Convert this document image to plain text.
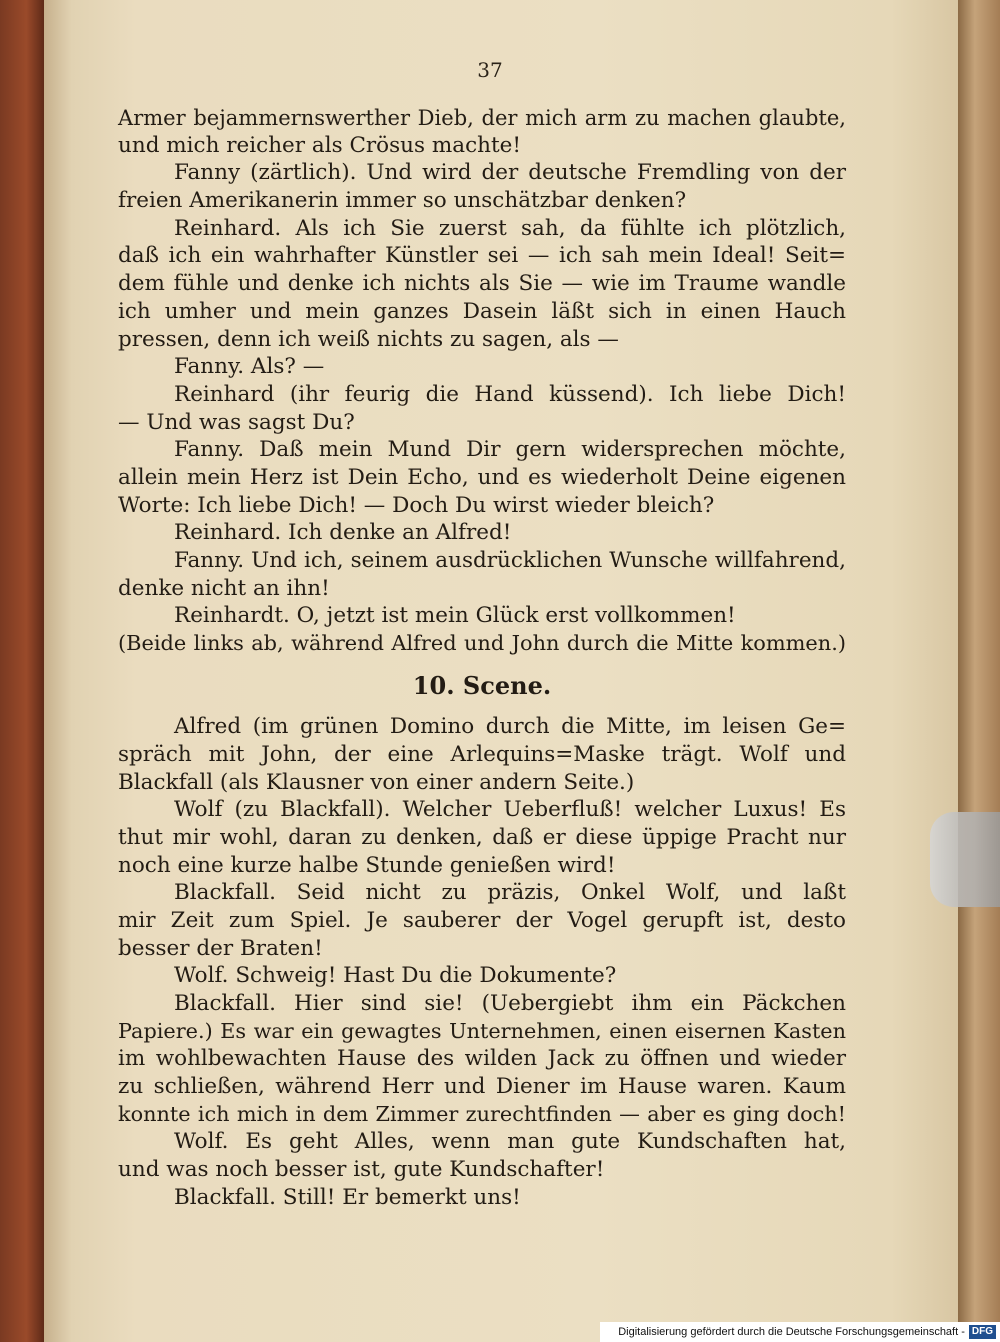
37
Armer bejammernswerther Dieb, der mich arm zu machen glaubte,
und mich reicher als Crösus machte!
Fanny (zärtlich). Und wird der deutsche Fremdling von der
freien Amerikanerin immer so unschätzbar denken?
Reinhard. Als ich Sie zuerst sah, da fühlte ich plötzlich,
daß ich ein wahrhafter Künstler sei — ich sah mein Ideal! Seit=
dem fühle und denke ich nichts als Sie — wie im Traume wandle
ich umher und mein ganzes Dasein läßt sich in einen Hauch
pressen, denn ich weiß nichts zu sagen, als —
Fanny. Als? —
Reinhard (ihr feurig die Hand küssend). Ich liebe Dich!
— Und was sagst Du?
Fanny. Daß mein Mund Dir gern widersprechen möchte,
allein mein Herz ist Dein Echo, und es wiederholt Deine eigenen
Worte: Ich liebe Dich! — Doch Du wirst wieder bleich?
Reinhard. Ich denke an Alfred!
Fanny. Und ich, seinem ausdrücklichen Wunsche willfahrend,
denke nicht an ihn!
Reinhardt. O, jetzt ist mein Glück erst vollkommen!
(Beide links ab, während Alfred und John durch die Mitte kommen.)
10. Scene.
Alfred (im grünen Domino durch die Mitte, im leisen Ge=
spräch mit John, der eine Arlequins=Maske trägt. Wolf und
Blackfall (als Klausner von einer andern Seite.)
Wolf (zu Blackfall). Welcher Ueberfluß! welcher Luxus! Es
thut mir wohl, daran zu denken, daß er diese üppige Pracht nur
noch eine kurze halbe Stunde genießen wird!
Blackfall. Seid nicht zu präzis, Onkel Wolf, und laßt
mir Zeit zum Spiel. Je sauberer der Vogel gerupft ist, desto
besser der Braten!
Wolf. Schweig! Hast Du die Dokumente?
Blackfall. Hier sind sie! (Uebergiebt ihm ein Päckchen
Papiere.) Es war ein gewagtes Unternehmen, einen eisernen Kasten
im wohlbewachten Hause des wilden Jack zu öffnen und wieder
zu schließen, während Herr und Diener im Hause waren. Kaum
konnte ich mich in dem Zimmer zurechtfinden — aber es ging doch!
Wolf. Es geht Alles, wenn man gute Kundschaften hat,
und was noch besser ist, gute Kundschafter!
Blackfall. Still! Er bemerkt uns!
Digitalisierung gefördert durch die Deutsche Forschungsgemeinschaft - DFG
